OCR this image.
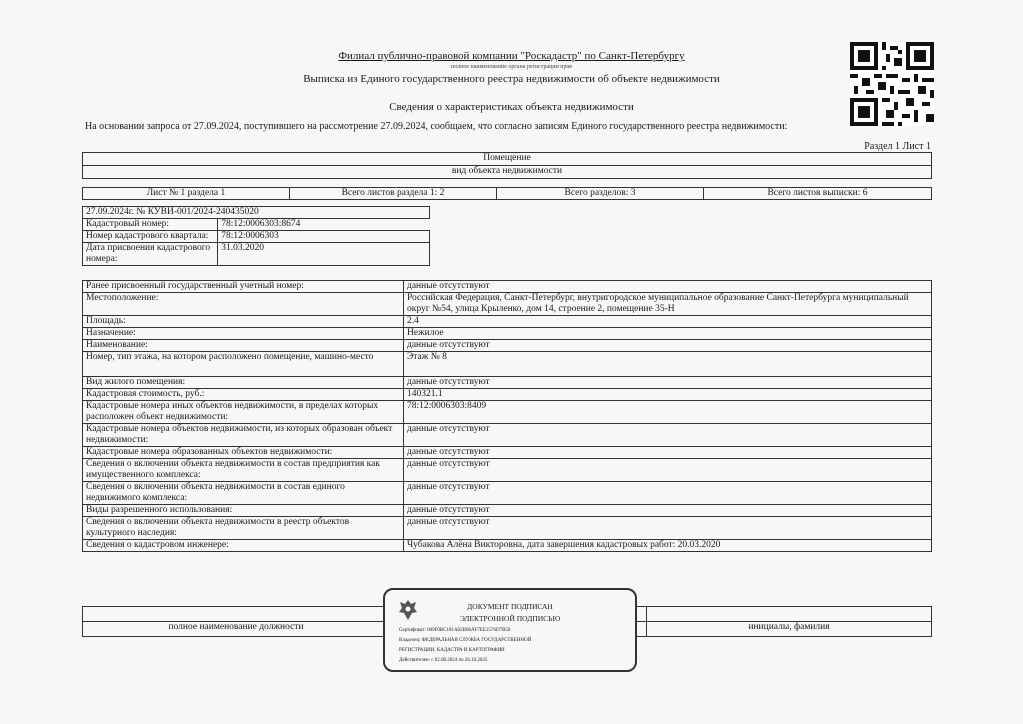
Филиал публично-правовой компании "Роскадастр" по Санкт-Петербургу
полное наименование органа регистрации прав
Выписка из Единого государственного реестра недвижимости об объекте недвижимости
Сведения о характеристиках объекта недвижимости
На основании запроса от 27.09.2024, поступившего на рассмотрение 27.09.2024, сообщаем, что согласно записям Единого государственного реестра недвижимости:
Раздел 1 Лист 1
Помещение
вид объекта недвижимости
Лист № 1 раздела 1	Всего листов раздела 1: 2	Всего разделов: 3	Всего листов выписки: 6
27.09.2024г. № КУВИ-001/2024-240435020	
Кадастровый номер:	78:12:0006303:8674
Номер кадастрового квартала:	78:12:0006303
Дата присвоения кадастрового номера:	31.03.2020
Ранее присвоенный государственный учетный номер:	данные отсутствуют
Местоположение:	Российская Федерация, Санкт-Петербург, внутригородское муниципальное образование Санкт-Петербурга муниципальный округ №54, улица Крыленко, дом 14, строение 2, помещение 35-Н
Площадь:	2.4
Назначение:	Нежилое
Наименование:	данные отсутствуют
Номер, тип этажа, на котором расположено помещение, машино-место	Этаж № 8
Вид жилого помещения:	данные отсутствуют
Кадастровая стоимость, руб.:	140321.1
Кадастровые номера иных объектов недвижимости, в пределах которых расположен объект недвижимости:	78:12:0006303:8409
Кадастровые номера объектов недвижимости, из которых образован объект недвижимости:	данные отсутствуют
Кадастровые номера образованных объектов недвижимости:	данные отсутствуют
Сведения о включении объекта недвижимости в состав предприятия как имущественного комплекса:	данные отсутствуют
Сведения о включении объекта недвижимости в состав единого недвижимого комплекса:	данные отсутствуют
Виды разрешенного использования:	данные отсутствуют
Сведения о включении объекта недвижимости в реестр объектов культурного наследия:	данные отсутствуют
Сведения о кадастровом инженере:	Чубакова Алёна Викторовна, дата завершения кадастровых работ: 20.03.2020

полное наименование должности		инициалы, фамилия
ДОКУМЕНТ ПОДПИСАН
ЭЛЕКТРОННОЙ ПОДПИСЬЮ
Сертификат: 009F0BC181A02B66AF7EE2576D7B50
Владелец: ФЕДЕРАЛЬНАЯ СЛУЖБА ГОСУДАРСТВЕННОЙ
РЕГИСТРАЦИИ, КАДАСТРА И КАРТОГРАФИИ
Действителен: с 02.08.2024 по 26.10.2025
